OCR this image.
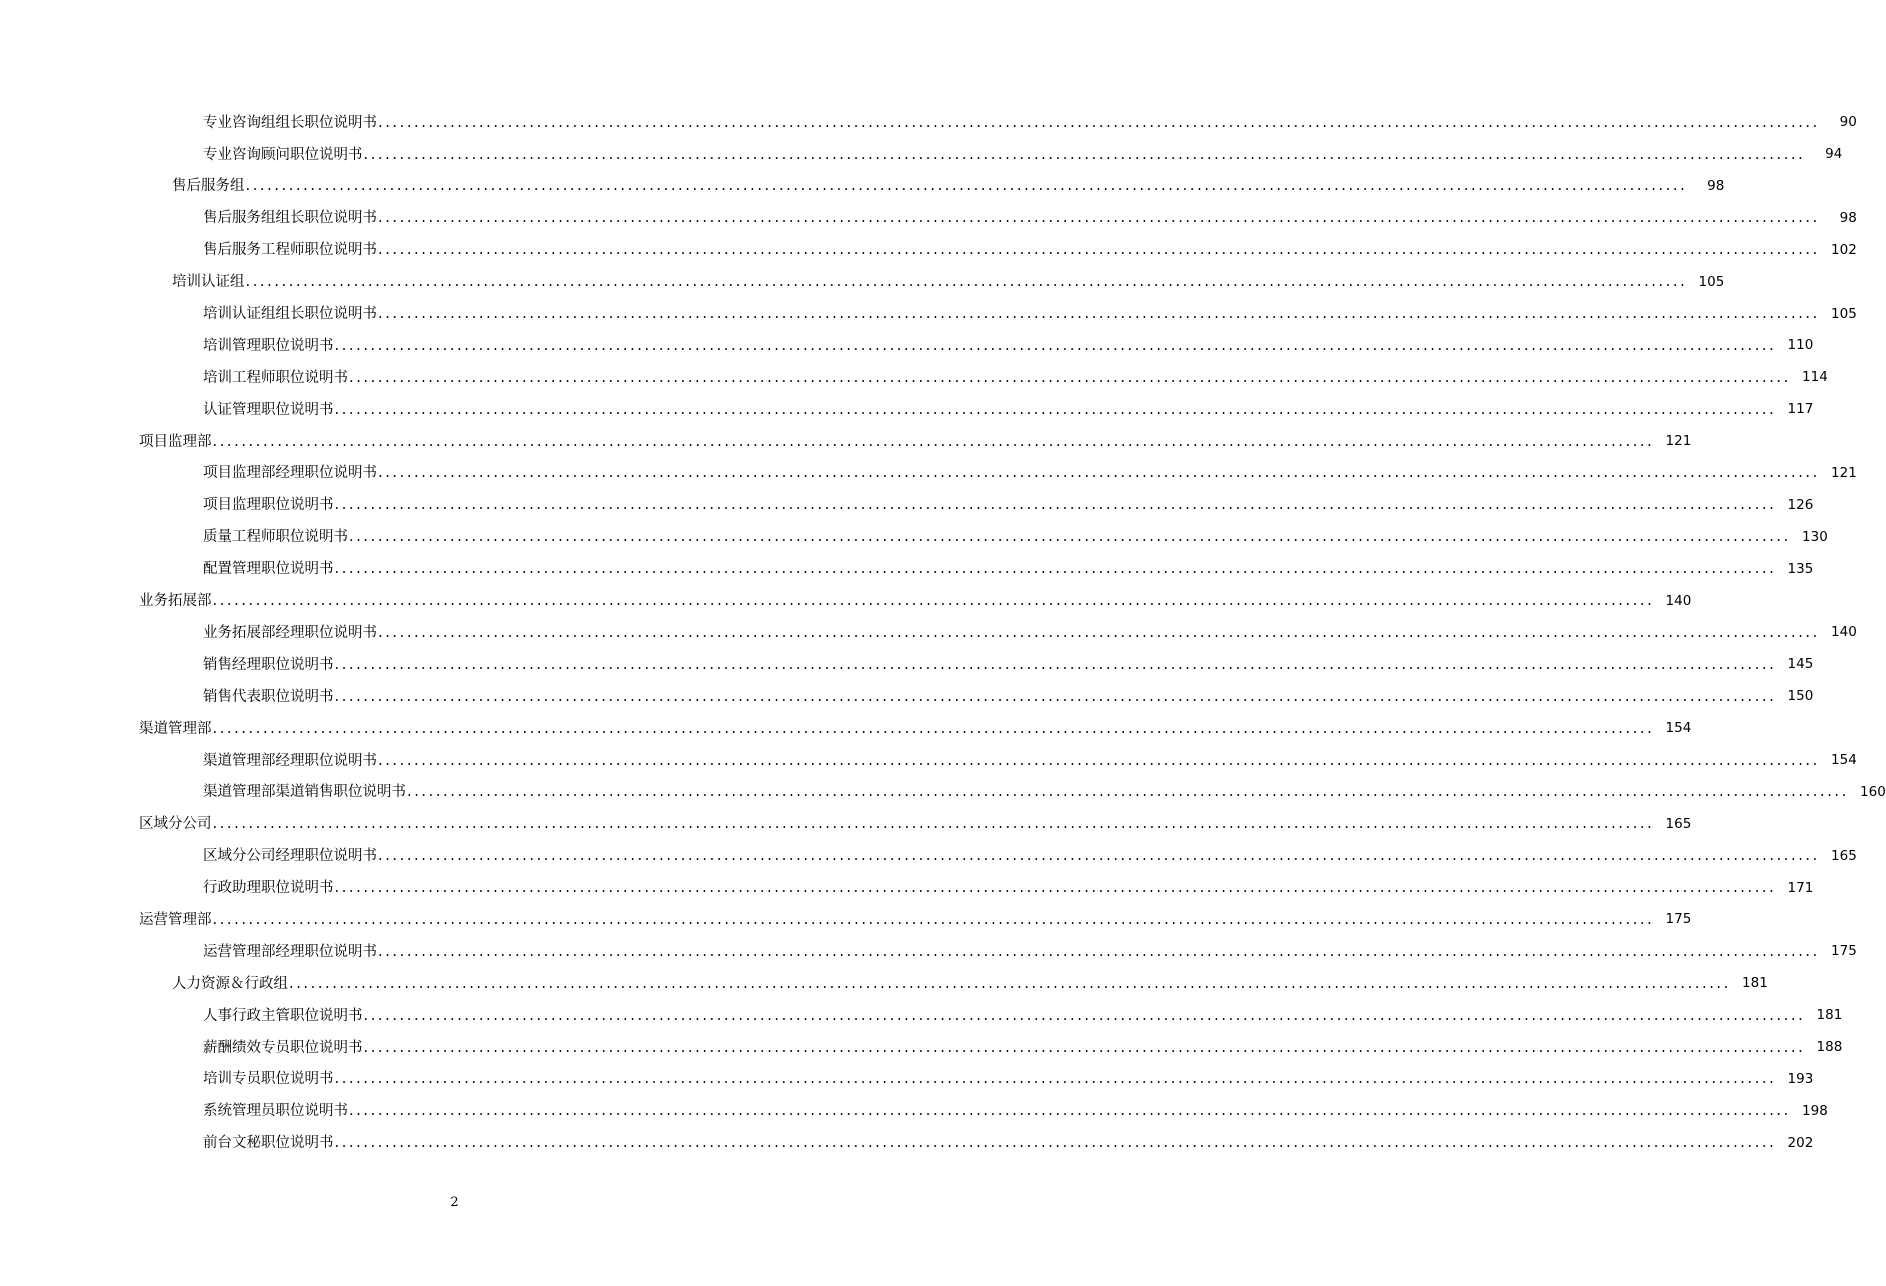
专业咨询组组长职位说明书 ........................................................................................................................................................................................................	90
专业咨询顾问职位说明书 ........................................................................................................................................................................................................	94
售后服务组 ........................................................................................................................................................................................................	98
售后服务组组长职位说明书 ........................................................................................................................................................................................................	98
售后服务工程师职位说明书 ........................................................................................................................................................................................................ 102
培训认证组 ........................................................................................................................................................................................................ 105
培训认证组组长职位说明书 ........................................................................................................................................................................................................ 105
培训管理职位说明书 ........................................................................................................................................................................................................ 110
培训工程师职位说明书 ........................................................................................................................................................................................................ 114
认证管理职位说明书 ........................................................................................................................................................................................................ 117
项目监理部 ........................................................................................................................................................................................................ 121
项目监理部经理职位说明书 ........................................................................................................................................................................................................ 121
项目监理职位说明书 ........................................................................................................................................................................................................ 126
质量工程师职位说明书 ........................................................................................................................................................................................................ 130
配置管理职位说明书 ........................................................................................................................................................................................................ 135
业务拓展部 ........................................................................................................................................................................................................ 140
业务拓展部经理职位说明书 ........................................................................................................................................................................................................ 140
销售经理职位说明书 ........................................................................................................................................................................................................ 145
销售代表职位说明书 ........................................................................................................................................................................................................ 150
渠道管理部 ........................................................................................................................................................................................................ 154
渠道管理部经理职位说明书 ........................................................................................................................................................................................................ 154
渠道管理部渠道销售职位说明书 ........................................................................................................................................................................................................ 160
区域分公司 ........................................................................................................................................................................................................ 165
区域分公司经理职位说明书 ........................................................................................................................................................................................................ 165
行政助理职位说明书 ........................................................................................................................................................................................................ 171
运营管理部 ........................................................................................................................................................................................................ 175
运营管理部经理职位说明书 ........................................................................................................................................................................................................ 175
人力资源＆行政组 ........................................................................................................................................................................................................ 181
人事行政主管职位说明书 ........................................................................................................................................................................................................ 181
薪酬绩效专员职位说明书 ........................................................................................................................................................................................................ 188
培训专员职位说明书 ........................................................................................................................................................................................................ 193
系统管理员职位说明书 ........................................................................................................................................................................................................ 198
前台文秘职位说明书 ........................................................................................................................................................................................................ 202
2
